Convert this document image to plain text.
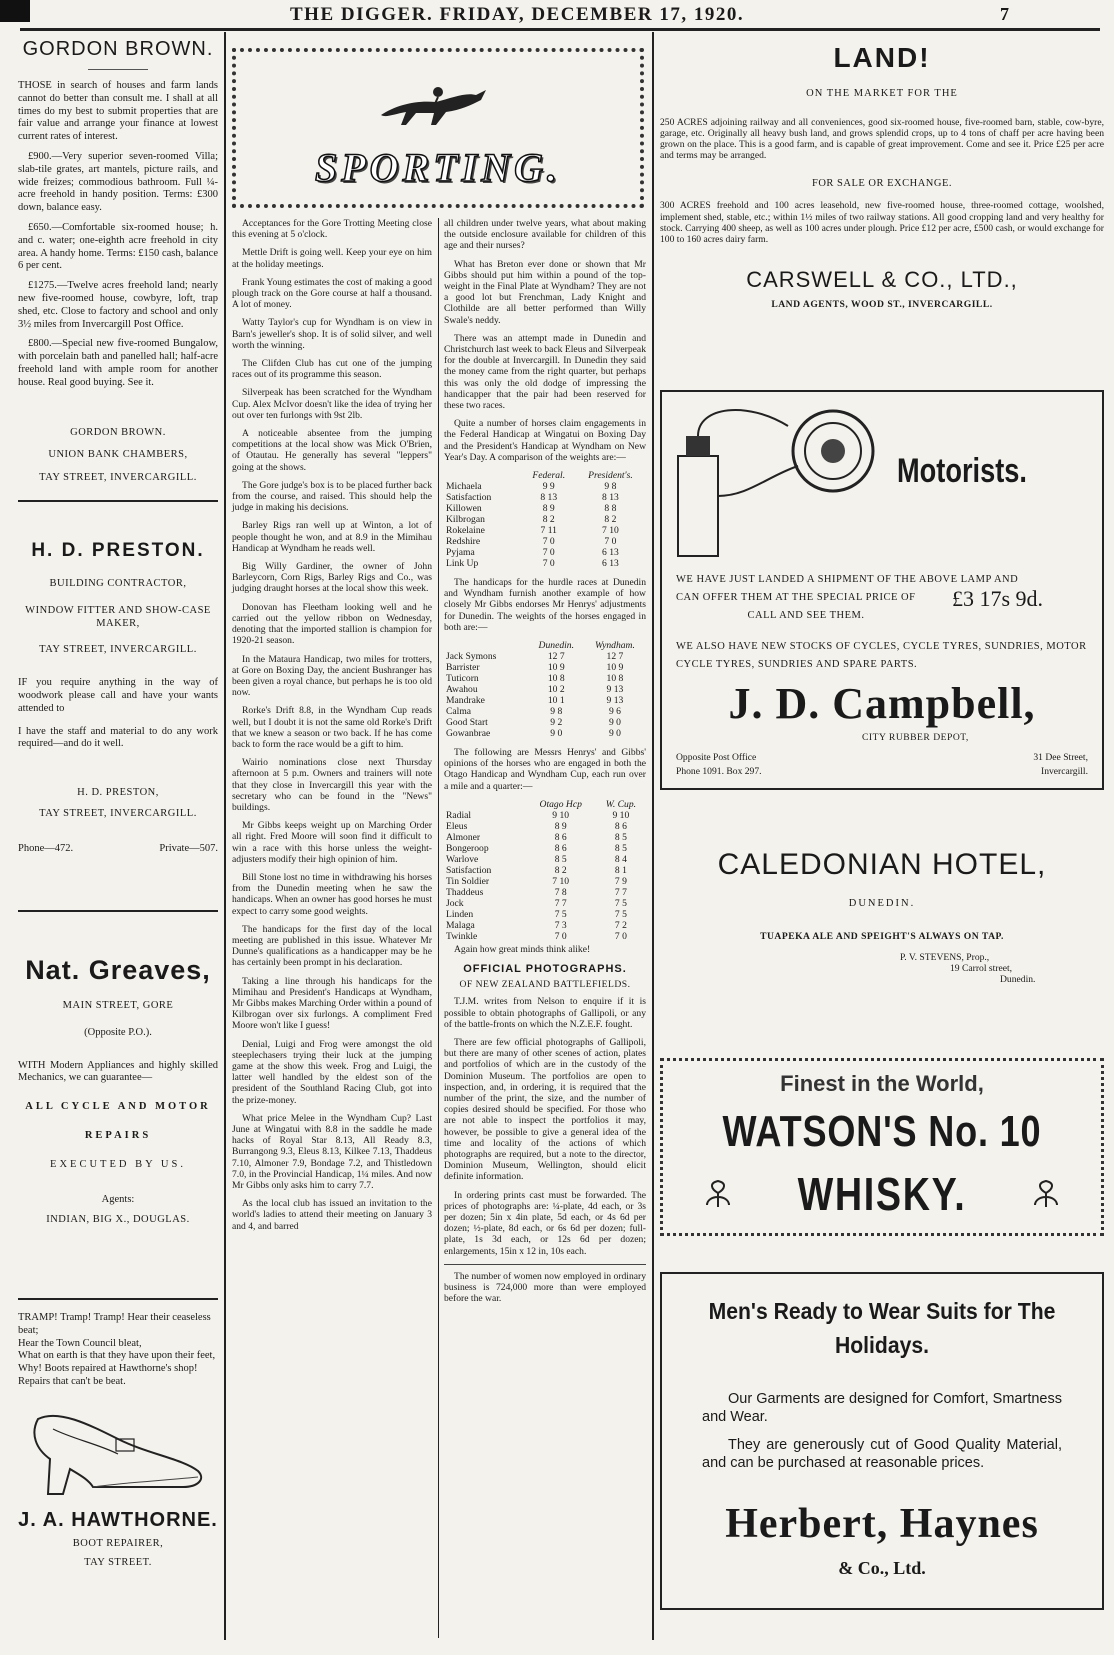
THE DIGGER. FRIDAY, DECEMBER 17, 1920.	7
GORDON BROWN.
THOSE in search of houses and farm lands cannot do better than consult me. I shall at all times do my best to submit properties that are fair value and arrange your finance at lowest current rates of interest.
£900.—Very superior seven-roomed Villa; slab-tile grates, art mantels, picture rails, and wide freizes; commodious bathroom. Full ¼-acre freehold in handy position. Terms: £300 down, balance easy.
£650.—Comfortable six-roomed house; h. and c. water; one-eighth acre freehold in city area. A handy home. Terms: £150 cash, balance 6 per cent.
£1275.—Twelve acres freehold land; nearly new five-roomed house, cowbyre, loft, trap shed, etc. Close to factory and school and only 3½ miles from Invercargill Post Office.
£800.—Special new five-roomed Bungalow, with porcelain bath and panelled hall; half-acre freehold land with ample room for another house. Real good buying. See it.
GORDON BROWN.
UNION BANK CHAMBERS,
TAY STREET, INVERCARGILL.
H. D. PRESTON.
BUILDING CONTRACTOR,
WINDOW FITTER AND SHOW-CASE MAKER,
TAY STREET, INVERCARGILL.
IF you require anything in the way of woodwork please call and have your wants attended to
I have the staff and material to do any work required—and do it well.
H. D. PRESTON,
TAY STREET, INVERCARGILL.
Phone—472.	Private—507.
Nat. Greaves,
MAIN STREET, GORE
(Opposite P.O.).
WITH Modern Appliances and highly skilled Mechanics, we can guarantee—
ALL CYCLE AND MOTOR
REPAIRS
EXECUTED BY US.
Agents:
INDIAN, BIG X., DOUGLAS.
TRAMP! Tramp! Tramp! Hear their ceaseless beat;
Hear the Town Council bleat,
What on earth is that they have upon their feet,
Why! Boots repaired at Hawthorne's shop!
Repairs that can't be beat.
J. A. HAWTHORNE.
BOOT REPAIRER,
TAY STREET.
SPORTING.
Acceptances for the Gore Trotting Meeting close this evening at 5 o'clock.
Mettle Drift is going well. Keep your eye on him at the holiday meetings.
Frank Young estimates the cost of making a good plough track on the Gore course at half a thousand. A lot of money.
Watty Taylor's cup for Wyndham is on view in Barn's jeweller's shop. It is of solid silver, and well worth the winning.
The Clifden Club has cut one of the jumping races out of its programme this season.
Silverpeak has been scratched for the Wyndham Cup. Alex McIvor doesn't like the idea of trying her out over ten furlongs with 9st 2lb.
A noticeable absentee from the jumping competitions at the local show was Mick O'Brien, of Otautau. He generally has several "leppers" going at the shows.
The Gore judge's box is to be placed further back from the course, and raised. This should help the judge in making his decisions.
Barley Rigs ran well up at Winton, a lot of people thought he won, and at 8.9 in the Mimihau Handicap at Wyndham he reads well.
Big Willy Gardiner, the owner of John Barleycorn, Corn Rigs, Barley Rigs and Co., was judging draught horses at the local show this week.
Donovan has Fleetham looking well and he carried out the yellow ribbon on Wednesday, denoting that the imported stallion is champion for 1920-21 season.
In the Mataura Handicap, two miles for trotters, at Gore on Boxing Day, the ancient Bushranger has been given a royal chance, but perhaps he is too old now.
Rorke's Drift 8.8, in the Wyndham Cup reads well, but I doubt it is not the same old Rorke's Drift that we knew a season or two back. If he has come back to form the race would be a gift to him.
Wairio nominations close next Thursday afternoon at 5 p.m. Owners and trainers will note that they close in Invercargill this year with the secretary who can be found in the "News" buildings.
Mr Gibbs keeps weight up on Marching Order all right. Fred Moore will soon find it difficult to win a race with this horse unless the weight-adjusters modify their high opinion of him.
Bill Stone lost no time in withdrawing his horses from the Dunedin meeting when he saw the handicaps. When an owner has good horses he must expect to carry some good weights.
The handicaps for the first day of the local meeting are published in this issue. Whatever Mr Dunne's qualifications as a handicapper may be he has certainly been prompt in his declaration.
Taking a line through his handicaps for the Mimihau and President's Handicaps at Wyndham, Mr Gibbs makes Marching Order within a pound of Kilbrogan over six furlongs. A compliment Fred Moore won't like I guess!
Denial, Luigi and Frog were amongst the old steeplechasers trying their luck at the jumping game at the show this week. Frog and Luigi, the latter well handled by the eldest son of the president of the Southland Racing Club, got into the prize-money.
What price Melee in the Wyndham Cup? Last June at Wingatui with 8.8 in the saddle he made hacks of Royal Star 8.13, All Ready 8.3, Burrangong 9.3, Eleus 8.13, Kilkee 7.13, Thaddeus 7.10, Almoner 7.9, Bondage 7.2, and Thistledown 7.0, in the Provincial Handicap, 1¼ miles. And now Mr Gibbs only asks him to carry 7.7.
As the local club has issued an invitation to the world's ladies to attend their meeting on January 3 and 4, and barred
all children under twelve years, what about making the outside enclosure available for children of this age and their nurses?
What has Breton ever done or shown that Mr Gibbs should put him within a pound of the top-weight in the Final Plate at Wyndham? They are not a good lot but Frenchman, Lady Knight and Clothilde are all better performed than Willy Swale's neddy.
There was an attempt made in Dunedin and Christchurch last week to back Eleus and Silverpeak for the double at Invercargill. In Dunedin they said the money came from the right quarter, but perhaps this was only the old dodge of impressing the handicapper that the pair had been reserved for these two races.
Quite a number of horses claim engagements in the Federal Handicap at Wingatui on Boxing Day and the President's Handicap at Wyndham on New Year's Day. A comparison of the weights are:—
	Federal.	President's.
Michaela	9 9	9 8
Satisfaction	8 13	8 13
Killowen	8 9	8 8
Kilbrogan	8 2	8 2
Rokelaine	7 11	7 10
Redshire	7 0	7 0
Pyjama	7 0	6 13
Link Up	7 0	6 13
The handicaps for the hurdle races at Dunedin and Wyndham furnish another example of how closely Mr Gibbs endorses Mr Henrys' adjustments for Dunedin. The weights of the horses engaged in both are:—
	Dunedin.	Wyndham.
Jack Symons	12 7	12 7
Barrister	10 9	10 9
Tuticorn	10 8	10 8
Awahou	10 2	9 13
Mandrake	10 1	9 13
Calma	9 8	9 6
Good Start	9 2	9 0
Gowanbrae	9 0	9 0
The following are Messrs Henrys' and Gibbs' opinions of the horses who are engaged in both the Otago Handicap and Wyndham Cup, each run over a mile and a quarter:—
	Otago Hcp	W. Cup.
Radial	9 10	9 10
Eleus	8 9	8 6
Almoner	8 6	8 5
Bongeroop	8 6	8 5
Warlove	8 5	8 4
Satisfaction	8 2	8 1
Tin Soldier	7 10	7 9
Thaddeus	7 8	7 7
Jock	7 7	7 5
Linden	7 5	7 5
Malaga	7 3	7 2
Twinkle	7 0	7 0
Again how great minds think alike!
OFFICIAL PHOTOGRAPHS.
OF NEW ZEALAND BATTLEFIELDS.
T.J.M. writes from Nelson to enquire if it is possible to obtain photographs of Gallipoli, or any of the battle-fronts on which the N.Z.E.F. fought.
There are few official photographs of Gallipoli, but there are many of other scenes of action, plates and portfolios of which are in the custody of the Dominion Museum. The portfolios are open to inspection, and, in ordering, it is required that the number of the print, the size, and the number of copies desired should be specified. For those who are not able to inspect the portfolios it may, however, be possible to give a general idea of the time and locality of the actions of which photographs are required, but a note to the director, Dominion Museum, Wellington, should elicit definite information.
In ordering prints cast must be forwarded. The prices of photographs are: ¼-plate, 4d each, or 3s per dozen; 5in x 4in plate, 5d each, or 4s 6d per dozen; ½-plate, 8d each, or 6s 6d per dozen; full-plate, 1s 3d each, or 12s 6d per dozen; enlargements, 15in x 12 in, 10s each.
The number of women now employed in ordinary business is 724,000 more than were employed before the war.
LAND!
ON THE MARKET FOR THE
250 ACRES adjoining railway and all conveniences, good six-roomed house, five-roomed barn, stable, cow-byre, garage, etc. Originally all heavy bush land, and grows splendid crops, up to 4 tons of chaff per acre having been grown on the place. This is a good farm, and is capable of great improvement. Come and see it. Price £25 per acre and terms may be arranged.
FOR SALE OR EXCHANGE.
300 ACRES freehold and 100 acres leasehold, new five-roomed house, three-roomed cottage, woolshed, implement shed, stable, etc.; within 1½ miles of two railway stations. All good cropping land and very healthy for stock. Carrying 400 sheep, as well as 100 acres under plough. Price £12 per acre, £500 cash, or would exchange for 100 to 160 acres dairy farm.
CARSWELL & CO., LTD.,
LAND AGENTS, WOOD ST., INVERCARGILL.
Motorists.
WE HAVE JUST LANDED A SHIPMENT OF THE ABOVE LAMP AND
CAN OFFER THEM AT THE SPECIAL PRICE OF £3 17s 9d.
CALL AND SEE THEM.
WE ALSO HAVE NEW STOCKS OF CYCLES, CYCLE TYRES, SUNDRIES, MOTOR CYCLE TYRES, SUNDRIES AND SPARE PARTS.
J. D. Campbell,
CITY RUBBER DEPOT,
Opposite Post Office
Phone 1091. Box 297.
31 Dee Street,
Invercargill.
CALEDONIAN HOTEL,
DUNEDIN.
TUAPEKA ALE AND SPEIGHT'S ALWAYS ON TAP.
P. V. STEVENS, Prop.,
19 Carrol street,
Dunedin.
Finest in the World,
WATSON'S No. 10
WHISKY.
Men's Ready to Wear Suits for The Holidays.
Our Garments are designed for Comfort, Smartness and Wear.
They are generously cut of Good Quality Material, and can be purchased at reasonable prices.
Herbert, Haynes
& Co., Ltd.
